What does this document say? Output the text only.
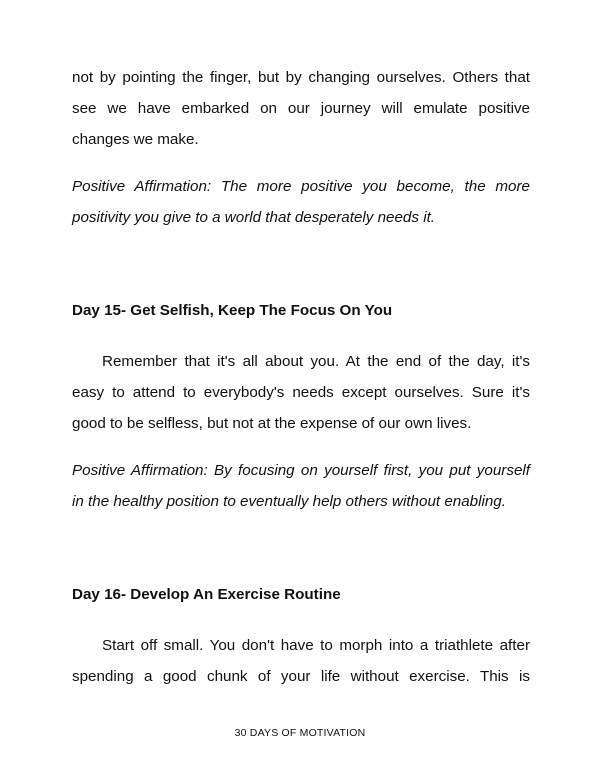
not by pointing the finger, but by changing ourselves. Others that
see we have embarked on our journey will emulate positive
changes we make.

Positive Affirmation: The more positive you become, the more
positivity you give to a world that desperately needs it.

Day 15- Get Selfish, Keep The Focus On You

Remember that it's all about you. At the end of the day, it's
easy to attend to everybody's needs except ourselves. Sure it's
good to be selfless, but not at the expense of our own lives.

Positive Affirmation: By focusing on yourself first, you put yourself
in the healthy position to eventually help others without enabling.

Day 16- Develop An Exercise Routine

Start off small. You don't have to morph into a triathlete after
spending a good chunk of your life without exercise. This is

30 DAYS OF MOTIVATION
